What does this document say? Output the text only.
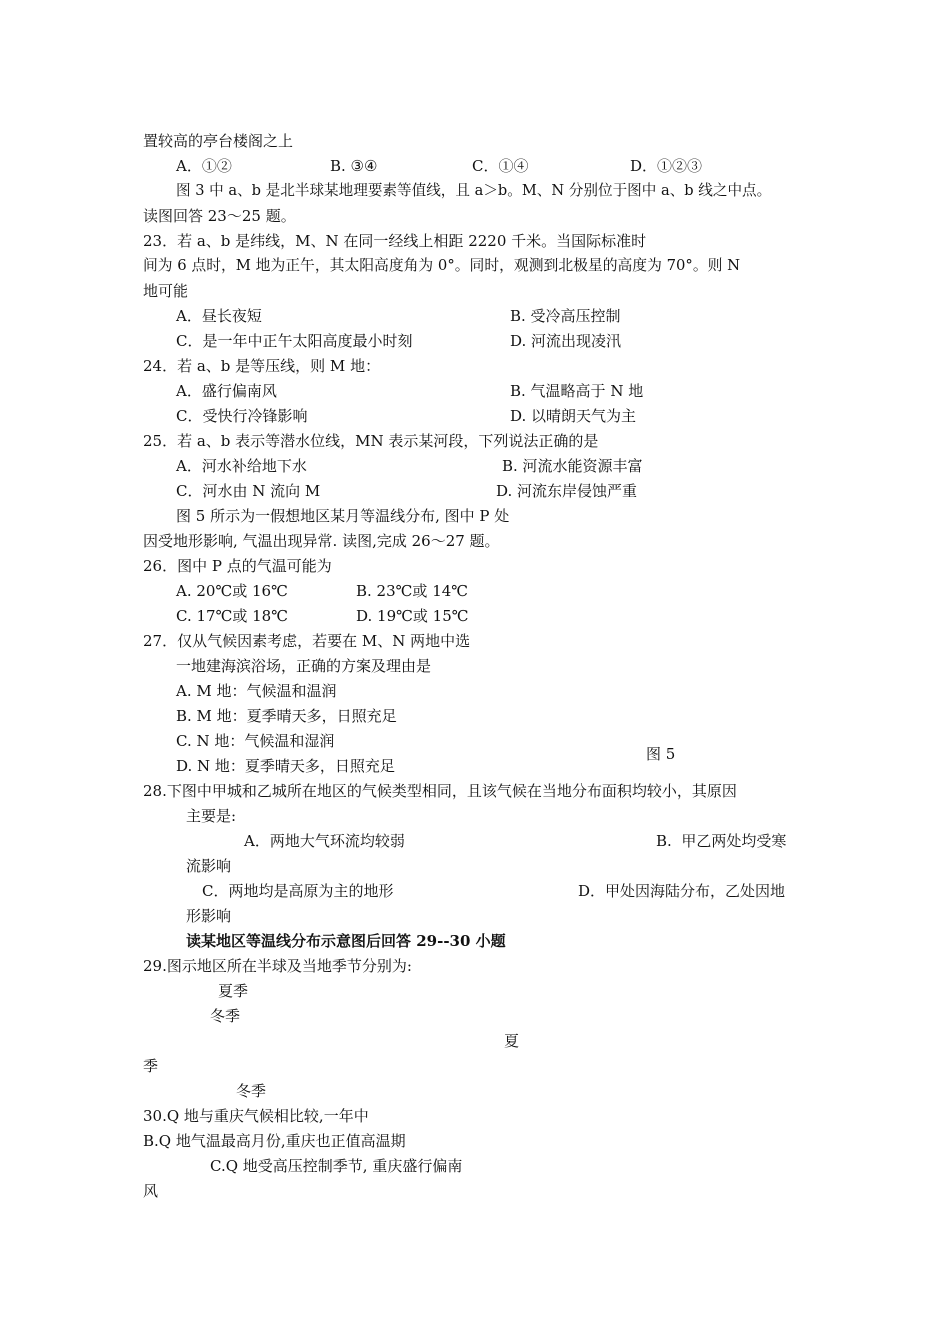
置较高的亭台楼阁之上
A．①②	B. ③④	C．①④	D．①②③
图 3 中 a、b 是北半球某地理要素等值线，且 a＞b。M、N 分别位于图中 a、b 线之中点。
读图回答 23～25 题。
23．若 a、b 是纬线，M、N 在同一经线上相距 2220 千米。当国际标准时
间为 6 点时，M 地为正午，其太阳高度角为 0°。同时，观测到北极星的高度为 70°。则 N
地可能
A．昼长夜短	B. 受冷高压控制
C．是一年中正午太阳高度最小时刻	D. 河流出现凌汛
24．若 a、b 是等压线，则 M 地：
A．盛行偏南风	B. 气温略高于 N 地
C．受快行冷锋影响	D. 以晴朗天气为主
25．若 a、b 表示等潜水位线，MN 表示某河段，下列说法正确的是
A．河水补给地下水	B. 河流水能资源丰富
C．河水由 N 流向 M	D. 河流东岸侵蚀严重
图 5 所示为一假想地区某月等温线分布, 图中 P 处
因受地形影响, 气温出现异常. 读图,完成 26～27 题。
26．图中 P 点的气温可能为
A. 20℃或 16℃	B. 23℃或 14℃
C. 17℃或 18℃	D. 19℃或 15℃
27．仅从气候因素考虑，若要在 M、N 两地中选
一地建海滨浴场，正确的方案及理由是
A. M 地：气候温和温润
B. M 地：夏季晴天多，日照充足
C. N 地：气候温和湿润
图 5
D. N 地：夏季晴天多，日照充足
28.下图中甲城和乙城所在地区的气候类型相同，且该气候在当地分布面积均较小，其原因
主要是:
A．两地大气环流均较弱	B.  甲乙两处均受寒
流影响
C．两地均是高原为主的地形	D．甲处因海陆分布，乙处因地
形影响
读某地区等温线分布示意图后回答 29--30 小题
29.图示地区所在半球及当地季节分别为:
夏季
冬季
夏
季
冬季
30.Q 地与重庆气候相比较,一年中
B.Q 地气温最高月份,重庆也正值高温期
C.Q 地受高压控制季节, 重庆盛行偏南
风
